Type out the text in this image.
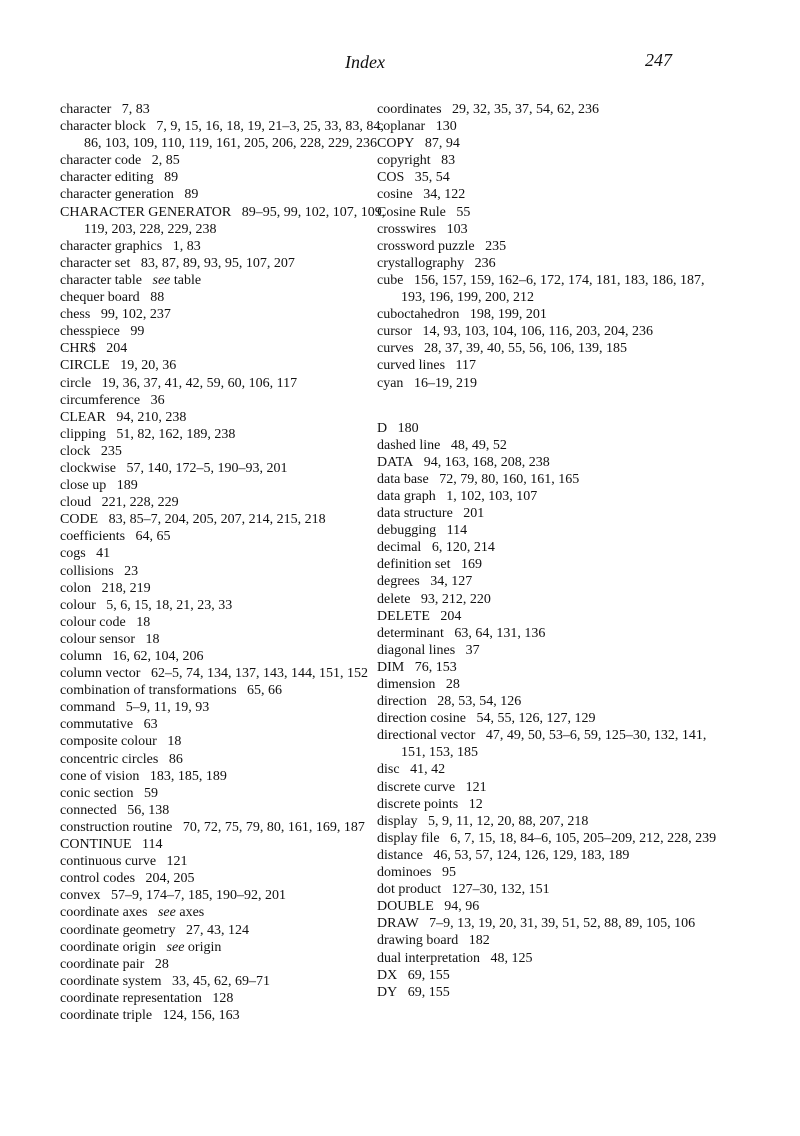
Index	247
character  7, 83
character block  7, 9, 15, 16, 18, 19, 21–3, 25, 33, 83, 84, 86, 103, 109, 110, 119, 161, 205, 206, 228, 229, 236
character code  2, 85
character editing  89
character generation  89
CHARACTER GENERATOR  89–95, 99, 102, 107, 109, 119, 203, 228, 229, 238
character graphics  1, 83
character set  83, 87, 89, 93, 95, 107, 207
character table  see table
chequer board  88
chess  99, 102, 237
chesspiece  99
CHR$  204
CIRCLE  19, 20, 36
circle  19, 36, 37, 41, 42, 59, 60, 106, 117
circumference  36
CLEAR  94, 210, 238
clipping  51, 82, 162, 189, 238
clock  235
clockwise  57, 140, 172–5, 190–93, 201
close up  189
cloud  221, 228, 229
CODE  83, 85–7, 204, 205, 207, 214, 215, 218
coefficients  64, 65
cogs  41
collisions  23
colon  218, 219
colour  5, 6, 15, 18, 21, 23, 33
colour code  18
colour sensor  18
column  16, 62, 104, 206
column vector  62–5, 74, 134, 137, 143, 144, 151, 152
combination of transformations  65, 66
command  5–9, 11, 19, 93
commutative  63
composite colour  18
concentric circles  86
cone of vision  183, 185, 189
conic section  59
connected  56, 138
construction routine  70, 72, 75, 79, 80, 161, 169, 187
CONTINUE  114
continuous curve  121
control codes  204, 205
convex  57–9, 174–7, 185, 190–92, 201
coordinate axes  see axes
coordinate geometry  27, 43, 124
coordinate origin  see origin
coordinate pair  28
coordinate system  33, 45, 62, 69–71
coordinate representation  128
coordinate triple  124, 156, 163
coordinates  29, 32, 35, 37, 54, 62, 236
coplanar  130
COPY  87, 94
copyright  83
COS  35, 54
cosine  34, 122
Cosine Rule  55
crosswires  103
crossword puzzle  235
crystallography  236
cube  156, 157, 159, 162–6, 172, 174, 181, 183, 186, 187, 193, 196, 199, 200, 212
cuboctahedron  198, 199, 201
cursor  14, 93, 103, 104, 106, 116, 203, 204, 236
curves  28, 37, 39, 40, 55, 56, 106, 139, 185
curved lines  117
cyan  16–19, 219
D  180
dashed line  48, 49, 52
DATA  94, 163, 168, 208, 238
data base  72, 79, 80, 160, 161, 165
data graph  1, 102, 103, 107
data structure  201
debugging  114
decimal  6, 120, 214
definition set  169
degrees  34, 127
delete  93, 212, 220
DELETE  204
determinant  63, 64, 131, 136
diagonal lines  37
DIM  76, 153
dimension  28
direction  28, 53, 54, 126
direction cosine  54, 55, 126, 127, 129
directional vector  47, 49, 50, 53–6, 59, 125–30, 132, 141, 151, 153, 185
disc  41, 42
discrete curve  121
discrete points  12
display  5, 9, 11, 12, 20, 88, 207, 218
display file  6, 7, 15, 18, 84–6, 105, 205–209, 212, 228, 239
distance  46, 53, 57, 124, 126, 129, 183, 189
dominoes  95
dot product  127–30, 132, 151
DOUBLE  94, 96
DRAW  7–9, 13, 19, 20, 31, 39, 51, 52, 88, 89, 105, 106
drawing board  182
dual interpretation  48, 125
DX  69, 155
DY  69, 155
